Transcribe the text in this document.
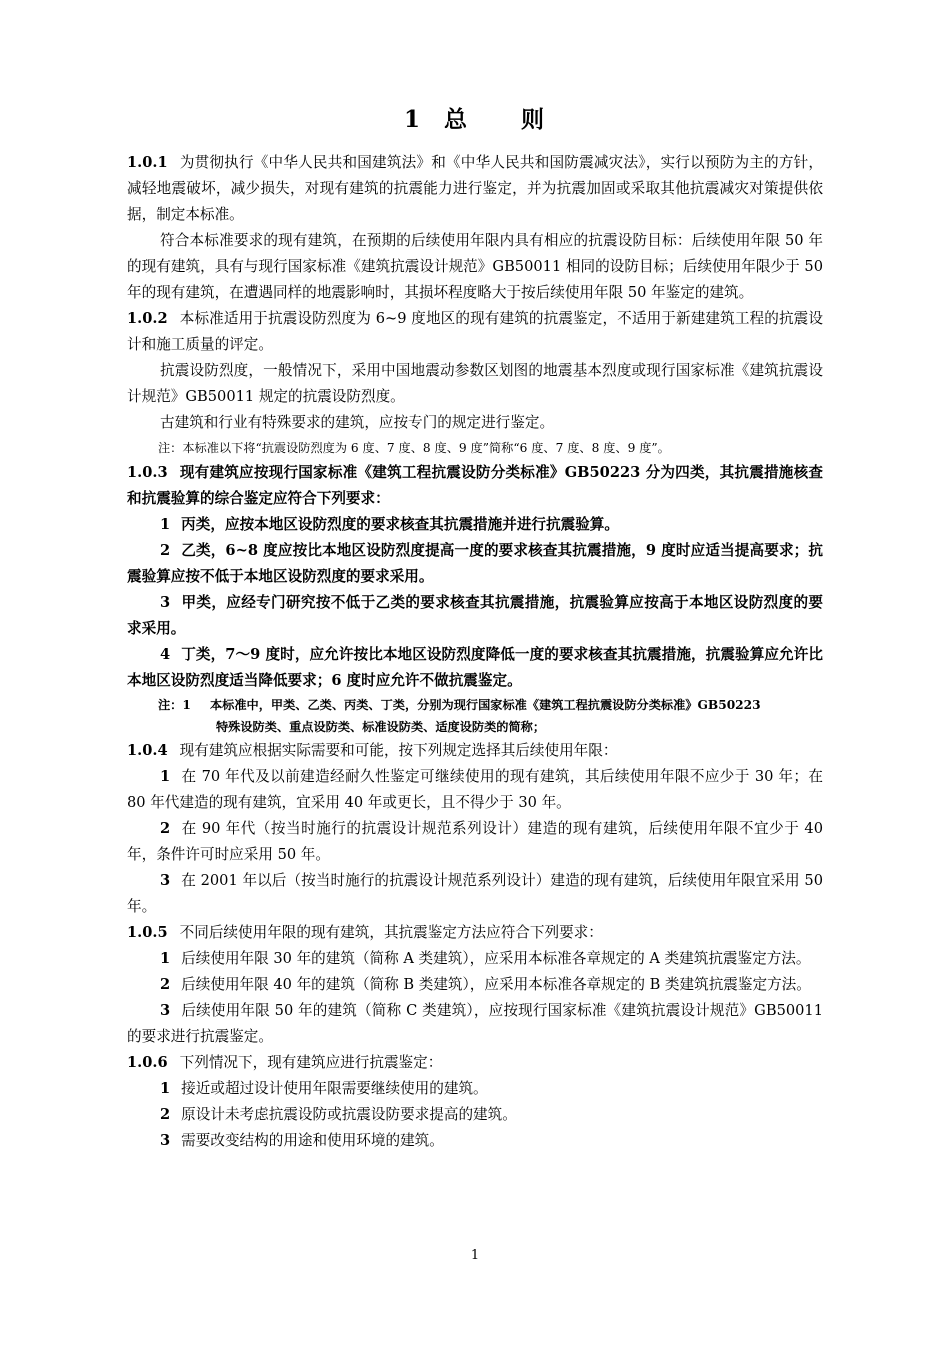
1 总 则

1.0.1 为贯彻执行《中华人民共和国建筑法》和《中华人民共和国防震减灾法》，实行以预防为主的方针，减轻地震破坏，减少损失，对现有建筑的抗震能力进行鉴定，并为抗震加固或采取其他抗震减灾对策提供依据，制定本标准。

符合本标准要求的现有建筑，在预期的后续使用年限内具有相应的抗震设防目标：后续使用年限 50 年的现有建筑，具有与现行国家标准《建筑抗震设计规范》GB50011 相同的设防目标；后续使用年限少于 50 年的现有建筑，在遭遇同样的地震影响时，其损坏程度略大于按后续使用年限 50 年鉴定的建筑。

1.0.2 本标准适用于抗震设防烈度为 6~9 度地区的现有建筑的抗震鉴定，不适用于新建建筑工程的抗震设计和施工质量的评定。

抗震设防烈度，一般情况下，采用中国地震动参数区划图的地震基本烈度或现行国家标准《建筑抗震设计规范》GB50011 规定的抗震设防烈度。

古建筑和行业有特殊要求的建筑，应按专门的规定进行鉴定。

注：本标准以下将“抗震设防烈度为 6 度、7 度、8 度、9 度”简称“6 度、7 度、8 度、9 度”。

1.0.3 现有建筑应按现行国家标准《建筑工程抗震设防分类标准》GB50223 分为四类，其抗震措施核查和抗震验算的综合鉴定应符合下列要求：

1 丙类，应按本地区设防烈度的要求核查其抗震措施并进行抗震验算。

2 乙类，6~8 度应按比本地区设防烈度提高一度的要求核查其抗震措施，9 度时应适当提高要求；抗震验算应按不低于本地区设防烈度的要求采用。

3 甲类，应经专门研究按不低于乙类的要求核查其抗震措施，抗震验算应按高于本地区设防烈度的要求采用。

4 丁类，7～9 度时，应允许按比本地区设防烈度降低一度的要求核查其抗震措施，抗震验算应允许比本地区设防烈度适当降低要求；6 度时应允许不做抗震鉴定。

注：1 本标准中，甲类、乙类、丙类、丁类，分别为现行国家标准《建筑工程抗震设防分类标准》GB50223
特殊设防类、重点设防类、标准设防类、适度设防类的简称；

1.0.4 现有建筑应根据实际需要和可能，按下列规定选择其后续使用年限：

1 在 70 年代及以前建造经耐久性鉴定可继续使用的现有建筑，其后续使用年限不应少于 30 年；在 80 年代建造的现有建筑，宜采用 40 年或更长，且不得少于 30 年。

2 在 90 年代（按当时施行的抗震设计规范系列设计）建造的现有建筑，后续使用年限不宜少于 40 年，条件许可时应采用 50 年。

3 在 2001 年以后（按当时施行的抗震设计规范系列设计）建造的现有建筑，后续使用年限宜采用 50 年。

1.0.5 不同后续使用年限的现有建筑，其抗震鉴定方法应符合下列要求：

1 后续使用年限 30 年的建筑（简称 A 类建筑），应采用本标准各章规定的 A 类建筑抗震鉴定方法。

2 后续使用年限 40 年的建筑（简称 B 类建筑），应采用本标准各章规定的 B 类建筑抗震鉴定方法。

3 后续使用年限 50 年的建筑（简称 C 类建筑），应按现行国家标准《建筑抗震设计规范》GB50011 的要求进行抗震鉴定。

1.0.6 下列情况下，现有建筑应进行抗震鉴定：

1 接近或超过设计使用年限需要继续使用的建筑。

2 原设计未考虑抗震设防或抗震设防要求提高的建筑。

3 需要改变结构的用途和使用环境的建筑。

1
